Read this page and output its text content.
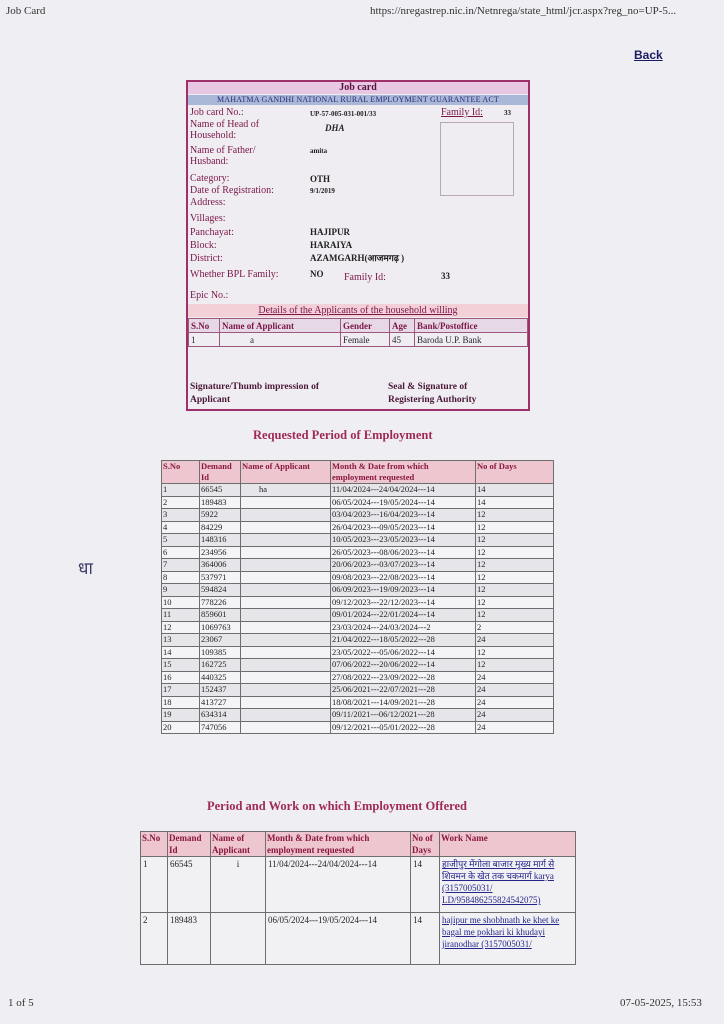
Job Card	https://nregastrep.nic.in/Netnrega/state_html/jcr.aspx?reg_no=UP-5...
Back
Job card
MAHATMA GANDHI NATIONAL RURAL EMPLOYMENT GUARANTEE ACT
Job card No.:	UP-57-005-031-001/33	Family Id:	33
Name of Head of Household:
DHA
Name of Father/ Husband:
amita
Category:	OTH
Date of Registration:	9/1/2019
Address:
Villages:
Panchayat:	HAJIPUR
Block:	HARAIYA
District:	AZAMGARH(आजमगढ़ )
Whether BPL Family:	NO Family Id:	33
Epic No.:
Details of the Applicants of the household willing
S.No	Name of Applicant	Gender	Age	Bank/Postoffice
1	a	Female	45	Baroda U.P. Bank
Signature/Thumb impression of Applicant
Seal & Signature of Registering Authority
धा
Requested Period of Employment
S.No	Demand Id	Name of Applicant	Month & Date from which employment requested	No of Days
1	66545	ha	11/04/2024---24/04/2024---14	14
2	189483		06/05/2024---19/05/2024---14	14
3	5922		03/04/2023---16/04/2023---14	12
4	84229		26/04/2023---09/05/2023---14	12
5	148316		10/05/2023---23/05/2023---14	12
6	234956		26/05/2023---08/06/2023---14	12
7	364006		20/06/2023---03/07/2023---14	12
8	537971		09/08/2023---22/08/2023---14	12
9	594824		06/09/2023---19/09/2023---14	12
10	778226		09/12/2023---22/12/2023---14	12
11	859601		09/01/2024---22/01/2024---14	12
12	1069763		23/03/2024---24/03/2024---2	2
13	23067		21/04/2022---18/05/2022---28	24
14	109385		23/05/2022---05/06/2022---14	12
15	162725		07/06/2022---20/06/2022---14	12
16	440325		27/08/2022---23/09/2022---28	24
17	152437		25/06/2021---22/07/2021---28	24
18	413727		18/08/2021---14/09/2021---28	24
19	634314		09/11/2021---06/12/2021---28	24
20	747056		09/12/2021---05/01/2022---28	24
Period and Work on which Employment Offered
S.No	Demand Id	Name of Applicant	Month & Date from which employment requested	No of Days	Work Name
1	66545	i	11/04/2024---24/04/2024---14	14	हाजीपुर मेंगोला बाजार मुख्य मार्ग से शिवमन के खेत तक चकमार्ग karya (3157005031/ LD/958486255824542075)
2	189483		06/05/2024---19/05/2024---14	14	hajipur me shobhnath ke khet ke bagal me pokhari ki khudayi jiranodhar (3157005031/
1 of 5	07-05-2025, 15:53
